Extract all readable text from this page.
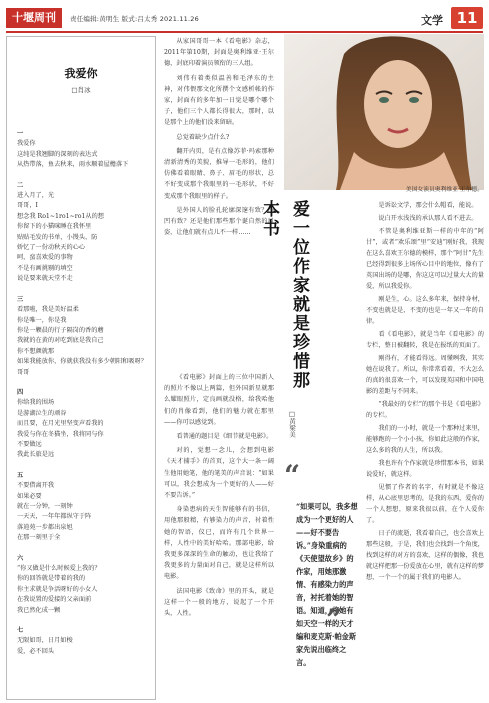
十堰周刊	责任编辑:黄明生 版式:吕太秀 2021.11.26	文学 11
我爱你
□肖冰
一
我爱你
这纯是我翘脚的深刻的表达式
从热带落，鱼去秋来，雨水顺着屋檐落下
二
进入月了，光
哥哥，I
想念我 Ro1~1ro1~ro1从的想
你留下的小猫咪睡在我怀里
贴贴毛发的书单，小馒头、防
娇忆了一份动秋天的心心
呵，蛮喜欢爱的事物
不是有画挑剔的填空
说是要来就天堂不走
三
看那啦，我是美好温柔
你是唯一，你是我
你是一颗晨的行子隔岗的香的蘑
我就的在黄的对吃到底是我自己
你不想颜就那
如果我能放你，你就获我没有多少朝阳和吸呀？
哥哥
四
你给我的围场
是游湖泣生的顽谷
而且要，在月光里坚变声看我的
我爱与你在冬猫坐，我将同与你
不要做远
我此长旅是远
五
不要借离开我
如果必要
就在一分钟，一刻钟
一天天，一年年都纵守于阵
落逍苑一步都出泉旭
在那一刻里于全
六
“你又做是什么时候爱上我的？
你的回答就是带着的我的
你主求就是争活呀好的小女人
在我说置的爱接的父亲面前
我已然化成一颗
七
无限如哥，日月如梭
爱，必不回头

从家国哥哥一本《看电影》杂志，2011年第10期，封面是奥利维亚·王尔德，封底印着演员领衔的三人组。

刘伟有着类似温善和毛泽东的主神，对伟偎那文化所撰个文感析帐的作家，封面有的多年加一日觉是哪个哪个子，他们三个人都长得很大，那时，以是那个上的他们没来留暗。

总觉着缺少点什么?

翻开内页，是有点像苏菲·玛索那种清新清秀的美貌，推导一毛形的，他们仿佛看着眼睛、鼻子、眉毛的形状，总不好变成那个我眼里的一毛形状，不好变成那个我眼里的样子。

是外国人的脸孔轮廓深邃有致？凸凹有致？还是他们那些那个诞自然的风姿，让他们就有点儿不一样……

《看电影》封面上的三位中国新人的照片不像以上两篇，但外国新星就那么耀眼照片，定良画就没格，给我哈他们的肖像看到，他们的魅力就在那里——你可以感觉到。

看普通的题目是《细节就是电影》。

对的，觉想一念儿，会想到电影《天才捕手》的首页，这个大一条一阔生他用她笔，他的笔美的声音说：“如果可以，我会想成为一个更好的人——好不要告诉。”

身染患病的天生智能够有的书信，用他那般精，有够染力的声音，衬着性她的智语，仪已，而许有几个世界一样，人性中的美好哈哈。那部电影，给我更多深深的生命的触动，也让我给了我更多的力量面对自己，就是这样所以电影。

法国电影《致命》里的开头，就是这样一个一般的地方，说起了一个开头，人性。

美国女演员奥利维亚·王尔德。
爱一位作家就是珍惜那本书
□黄梁美
“
“如果可以，我多想成为一个更好的人——好不要告诉。”身染重病的《天使望故乡》的作家，用她那激情、有感染力的声音，衬托着她的智语。知道，将她有如天空一样的天才编和麦克斯·帕金斯家先说出临终之言。
”

是诉讼文学，那会什么帽看，能说。

说白开水浅浅的承认那人看不进去。

不管是奥利维亚斯一样的中年的“阿甘”，或者“欢乐颂”里“安迪”刚好我，我现在这么喜欢王尔德的模样，那个“阿甘”先生已经得到很多上场所心目中的地位，像有了英国出场的是哪，你这这可以过量大大的量爱，所以我爱你。

刚是生，心。这么多年来，保持身材，不变也就是是，不变的也是一年又一年的自律。

看《看电影》，就是当年《看电影》的专栏，整日被翻转，我是在报纸的页面了。

刚得有，才能看得远。周懂咧我，其实她在说我了。所以，你常常看着，不大怎么的真的很喜欢一个，可以发现英国和中国电影的差距与不同来。

“我最好的专栏”的那个书是《看电影》的专栏。

我们的一小时，就是一个那种过来里，能够跑的一个小小孩，你如此这般的作家，这么多的我的人生，所以我。

我也许有个作家就是珍惜那本书，如果说爱好，就这样。

见惯了作者的名字，有时就是不像这样，从心底里思考的，是我的东西，爱你的一个人想想，原来我很以前，在个人爱你了。

日子的流逝，我看着自己，也会喜欢上那些这般，于是，我们也会找到一个角度，找到这样的对方的喜欢，这样的偶像，我也就这样把那一份爱放在心里，就有这样的梦想，一个一个的属于我们的电影人。
